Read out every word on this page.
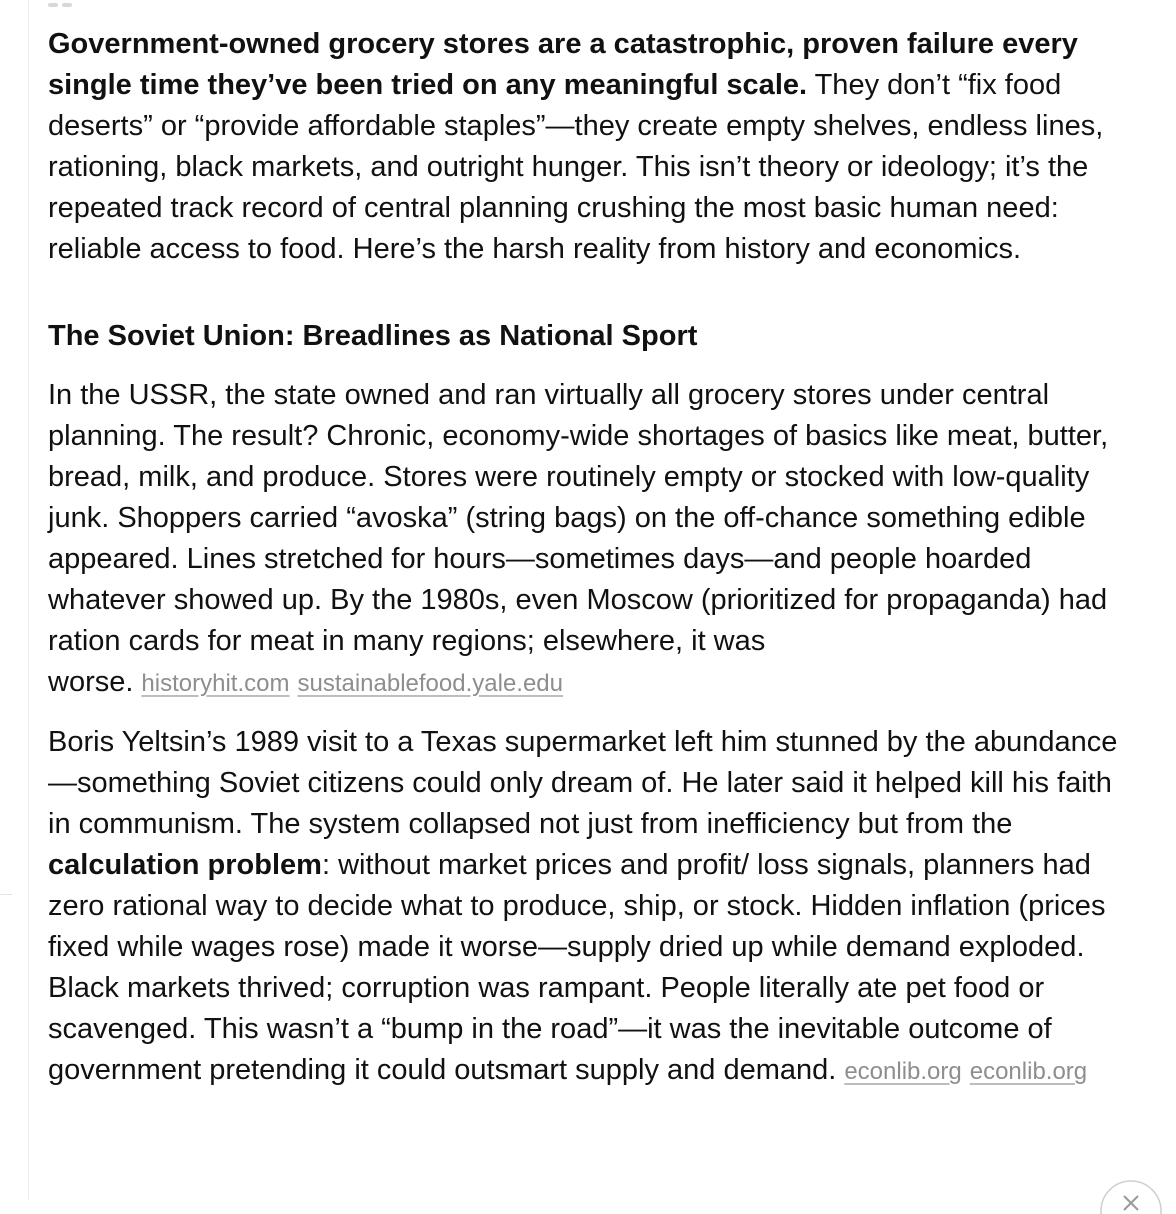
Government-owned grocery stores are a catastrophic, proven failure every single time they’ve been tried on any meaningful scale. They don’t “fix food deserts” or “provide affordable staples”—they create empty shelves, endless lines, rationing, black markets, and outright hunger. This isn’t theory or ideology; it’s the repeated track record of central planning crushing the most basic human need: reliable access to food. Here’s the harsh reality from history and economics.

The Soviet Union: Breadlines as National Sport

In the USSR, the state owned and ran virtually all grocery stores under central planning. The result? Chronic, economy-wide shortages of basics like meat, butter, bread, milk, and produce. Stores were routinely empty or stocked with low-quality junk. Shoppers carried “avoska” (string bags) on the off-chance something edible appeared. Lines stretched for hours—sometimes days—and people hoarded whatever showed up. By the 1980s, even Moscow (prioritized for propaganda) had ration cards for meat in many regions; elsewhere, it was worse. historyhit.com sustainablefood.yale.edu

Boris Yeltsin’s 1989 visit to a Texas supermarket left him stunned by the abundance—something Soviet citizens could only dream of. He later said it helped kill his faith in communism. The system collapsed not just from inefficiency but from the calculation problem: without market prices and profit/ loss signals, planners had zero rational way to decide what to produce, ship, or stock. Hidden inflation (prices fixed while wages rose) made it worse—supply dried up while demand exploded. Black markets thrived; corruption was rampant. People literally ate pet food or scavenged. This wasn’t a “bump in the road”—it was the inevitable outcome of government pretending it could outsmart supply and demand. econlib.org econlib.org
